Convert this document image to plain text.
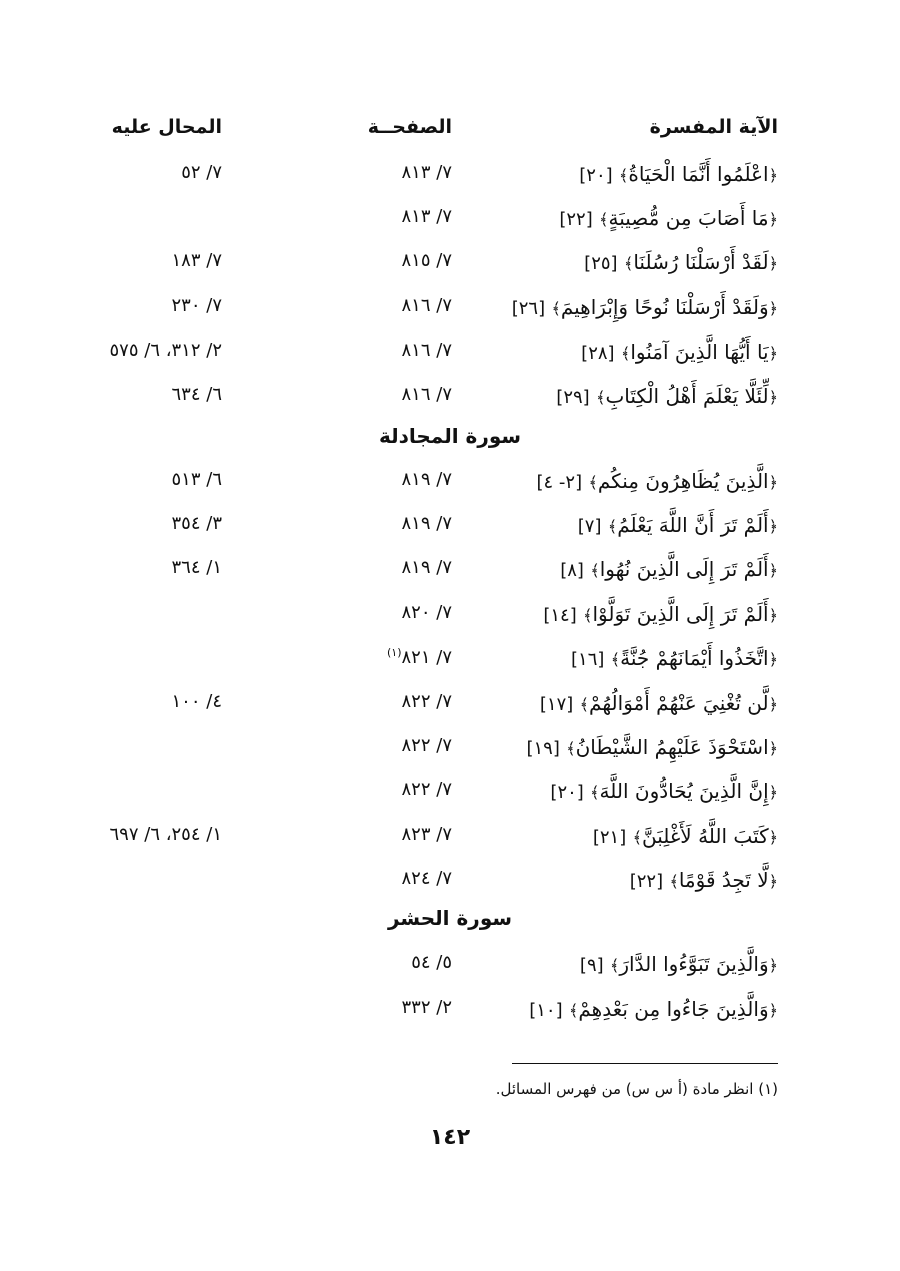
الآية المفسرة
الصفحــة
المحال عليه
﴿اعْلَمُوا أَنَّمَا الْحَيَاةُ﴾ [٢٠]
٧/ ٨١٣
٧/ ٥٢
﴿مَا أَصَابَ مِن مُّصِيبَةٍ﴾ [٢٢]
٧/ ٨١٣
﴿لَقَدْ أَرْسَلْنَا رُسُلَنَا﴾ [٢٥]
٧/ ٨١٥
٧/ ١٨٣
﴿وَلَقَدْ أَرْسَلْنَا نُوحًا وَإِبْرَاهِيمَ﴾ [٢٦]
٧/ ٨١٦
٧/ ٢٣٠
﴿يَا أَيُّهَا الَّذِينَ آمَنُوا﴾ [٢٨]
٧/ ٨١٦
٢/ ٣١٢، ٦/ ٥٧٥
﴿لِّئَلَّا يَعْلَمَ أَهْلُ الْكِتَابِ﴾ [٢٩]
٧/ ٨١٦
٦/ ٦٣٤
سورة المجادلة
﴿الَّذِينَ يُظَاهِرُونَ مِنكُم﴾ [٢- ٤]
٧/ ٨١٩
٦/ ٥١٣
﴿أَلَمْ تَرَ أَنَّ اللَّهَ يَعْلَمُ﴾ [٧]
٧/ ٨١٩
٣/ ٣٥٤
﴿أَلَمْ تَرَ إِلَى الَّذِينَ نُهُوا﴾ [٨]
٧/ ٨١٩
١/ ٣٦٤
﴿أَلَمْ تَرَ إِلَى الَّذِينَ تَوَلَّوْا﴾ [١٤]
٧/ ٨٢٠
﴿اتَّخَذُوا أَيْمَانَهُمْ جُنَّةً﴾ [١٦]
٧/ ٨٢١$^{(١)}$
﴿لَّن تُغْنِيَ عَنْهُمْ أَمْوَالُهُمْ﴾ [١٧]
٧/ ٨٢٢
٤/ ١٠٠
﴿اسْتَحْوَذَ عَلَيْهِمُ الشَّيْطَانُ﴾ [١٩]
٧/ ٨٢٢
﴿إِنَّ الَّذِينَ يُحَادُّونَ اللَّهَ﴾ [٢٠]
٧/ ٨٢٢
﴿كَتَبَ اللَّهُ لَأَغْلِبَنَّ﴾ [٢١]
٧/ ٨٢٣
١/ ٢٥٤، ٦/ ٦٩٧
﴿لَّا تَجِدُ قَوْمًا﴾ [٢٢]
٧/ ٨٢٤
سورة الحشر
﴿وَالَّذِينَ تَبَوَّءُوا الدَّارَ﴾ [٩]
٥/ ٥٤
﴿وَالَّذِينَ جَاءُوا مِن بَعْدِهِمْ﴾ [١٠]
٢/ ٣٣٢
(١) انظر مادة (أ س س) من فهرس المسائل.
١٤٢
